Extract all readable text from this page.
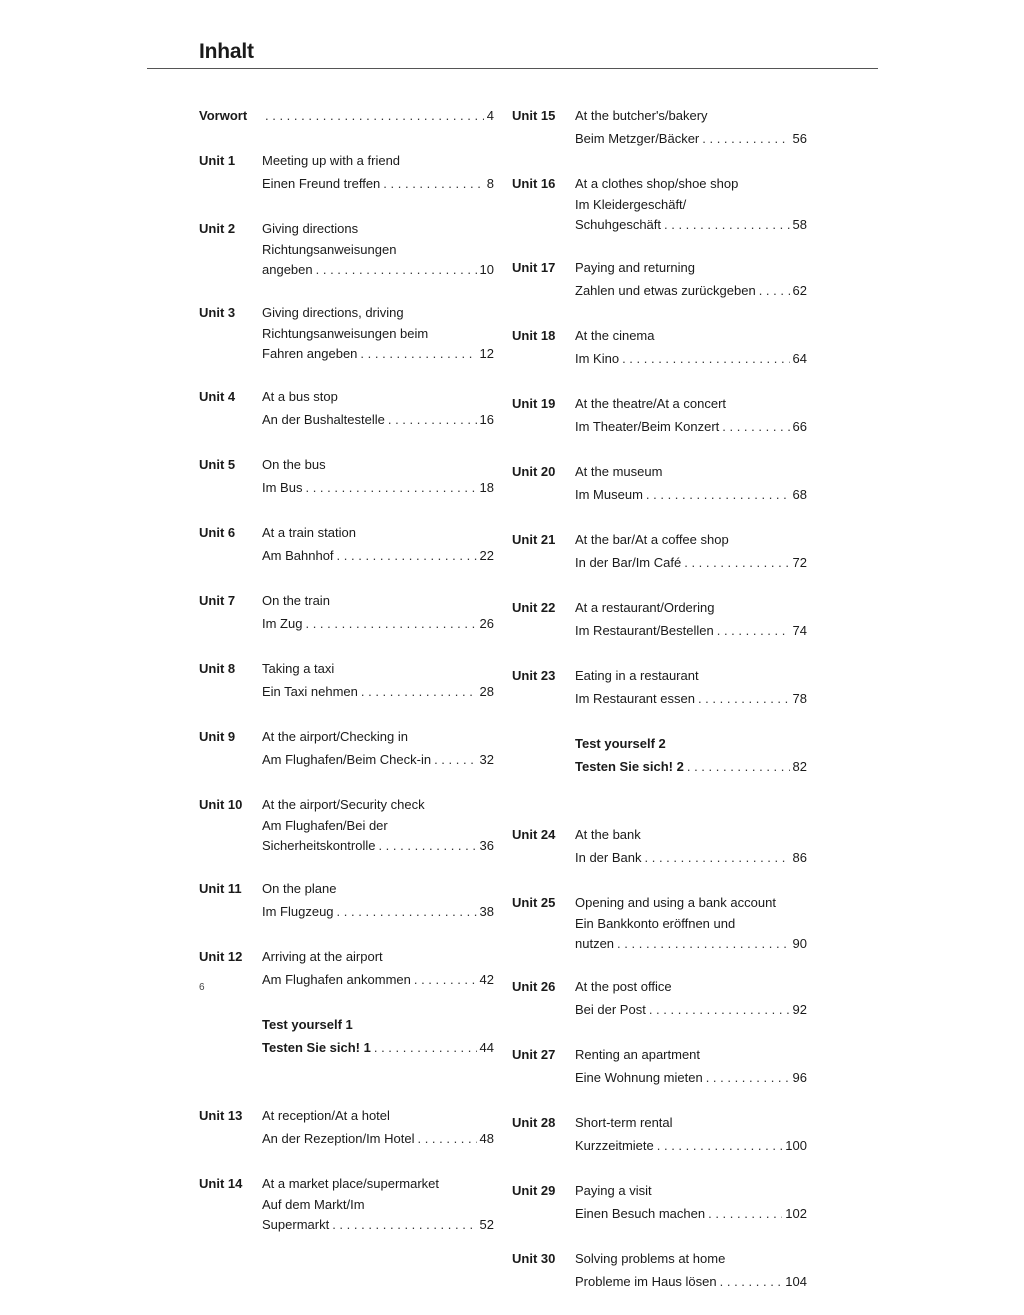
Inhalt
Vorwort . . .	4
Unit 1	Meeting up with a friend
Einen Freund treffen . . .	8
Unit 2	Giving directions
Richtungsanweisungen
angeben . . .	10
Unit 3	Giving directions, driving
Richtungsanweisungen beim
Fahren angeben . . .	12
Unit 4	At a bus stop
An der Bushaltestelle . . .	16
Unit 5	On the bus
Im Bus . . .	18
Unit 6	At a train station
Am Bahnhof . . .	22
Unit 7	On the train
Im Zug . . .	26
Unit 8	Taking a taxi
Ein Taxi nehmen . . .	28
Unit 9	At the airport/Checking in
Am Flughafen/Beim Check-in . . .	32
Unit 10	At the airport/Security check
Am Flughafen/Bei der
Sicherheitskontrolle . . .	36
Unit 11	On the plane
Im Flugzeug . . .	38
Unit 12	Arriving at the airport
Am Flughafen ankommen . . .	42
Test yourself 1
Testen Sie sich! 1 . . .	44
Unit 13	At reception/At a hotel
An der Rezeption/Im Hotel . . .	48
Unit 14	At a market place/supermarket
Auf dem Markt/Im
Supermarkt . . .	52
Unit 15	At the butcher's/bakery
Beim Metzger/Bäcker . . .	56
Unit 16	At a clothes shop/shoe shop
Im Kleidergeschäft/
Schuhgeschäft . . .	58
Unit 17	Paying and returning
Zahlen und etwas zurückgeben . . .	62
Unit 18	At the cinema
Im Kino . . .	64
Unit 19	At the theatre/At a concert
Im Theater/Beim Konzert . . .	66
Unit 20	At the museum
Im Museum . . .	68
Unit 21	At the bar/At a coffee shop
In der Bar/Im Café . . .	72
Unit 22	At a restaurant/Ordering
Im Restaurant/Bestellen . . .	74
Unit 23	Eating in a restaurant
Im Restaurant essen . . .	78
Test yourself 2
Testen Sie sich! 2 . . .	82
Unit 24	At the bank
In der Bank . . .	86
Unit 25	Opening and using a bank account
Ein Bankkonto eröffnen und
nutzen . . .	90
Unit 26	At the post office
Bei der Post . . .	92
Unit 27	Renting an apartment
Eine Wohnung mieten . . .	96
Unit 28	Short-term rental
Kurzzeitmiete . . .	100
Unit 29	Paying a visit
Einen Besuch machen . . .	102
Unit 30	Solving problems at home
Probleme im Haus lösen . . .	104
6
